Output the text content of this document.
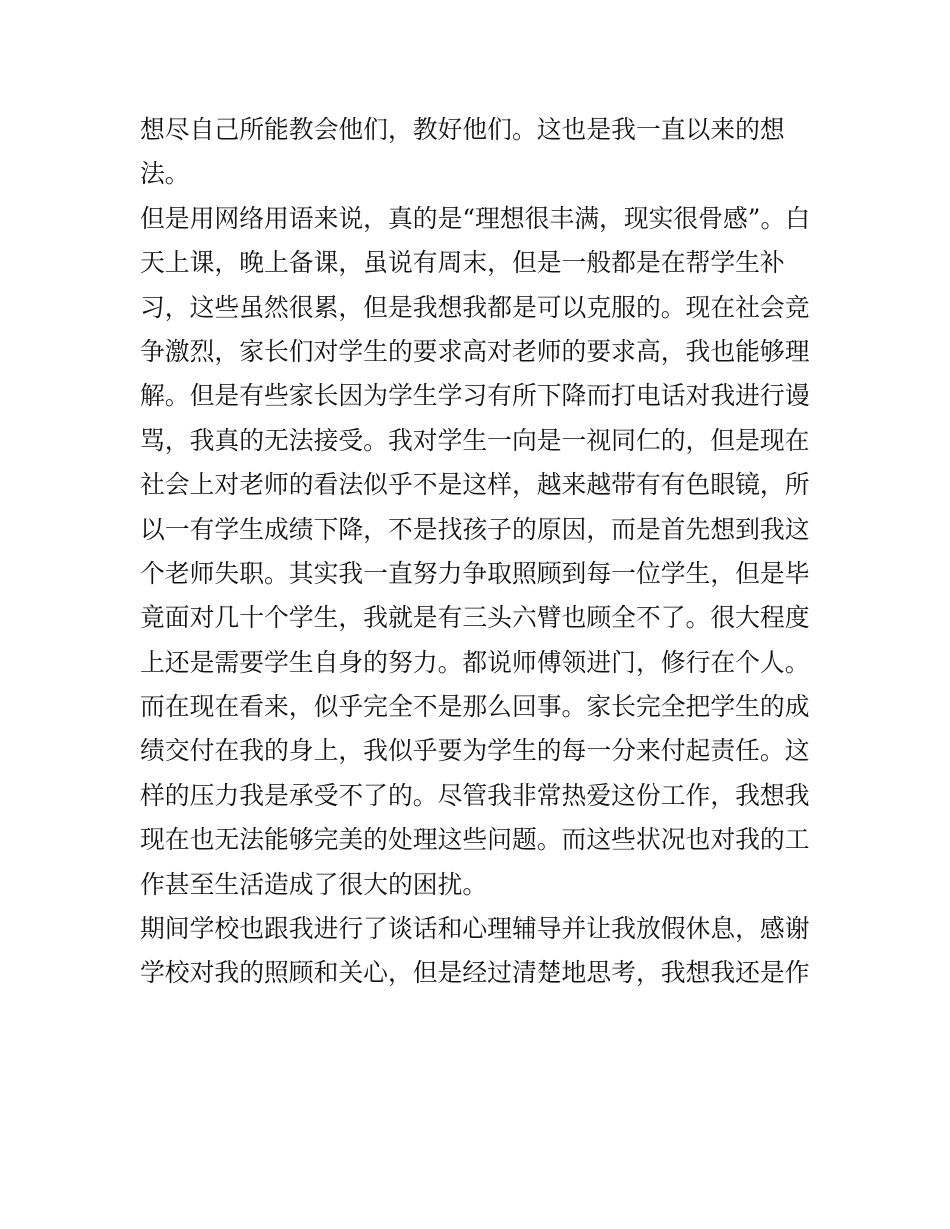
想尽自己所能教会他们，教好他们。这也是我一直以来的想
法。
但是用网络用语来说，真的是“理想很丰满，现实很骨感”。白
天上课，晚上备课，虽说有周末，但是一般都是在帮学生补
习，这些虽然很累，但是我想我都是可以克服的。现在社会竞
争激烈，家长们对学生的要求高对老师的要求高，我也能够理
解。但是有些家长因为学生学习有所下降而打电话对我进行谩
骂，我真的无法接受。我对学生一向是一视同仁的，但是现在
社会上对老师的看法似乎不是这样，越来越带有有色眼镜，所
以一有学生成绩下降，不是找孩子的原因，而是首先想到我这
个老师失职。其实我一直努力争取照顾到每一位学生，但是毕
竟面对几十个学生，我就是有三头六臂也顾全不了。很大程度
上还是需要学生自身的努力。都说师傅领进门，修行在个人。
而在现在看来，似乎完全不是那么回事。家长完全把学生的成
绩交付在我的身上，我似乎要为学生的每一分来付起责任。这
样的压力我是承受不了的。尽管我非常热爱这份工作，我想我
现在也无法能够完美的处理这些问题。而这些状况也对我的工
作甚至生活造成了很大的困扰。
期间学校也跟我进行了谈话和心理辅导并让我放假休息，感谢
学校对我的照顾和关心，但是经过清楚地思考，我想我还是作
